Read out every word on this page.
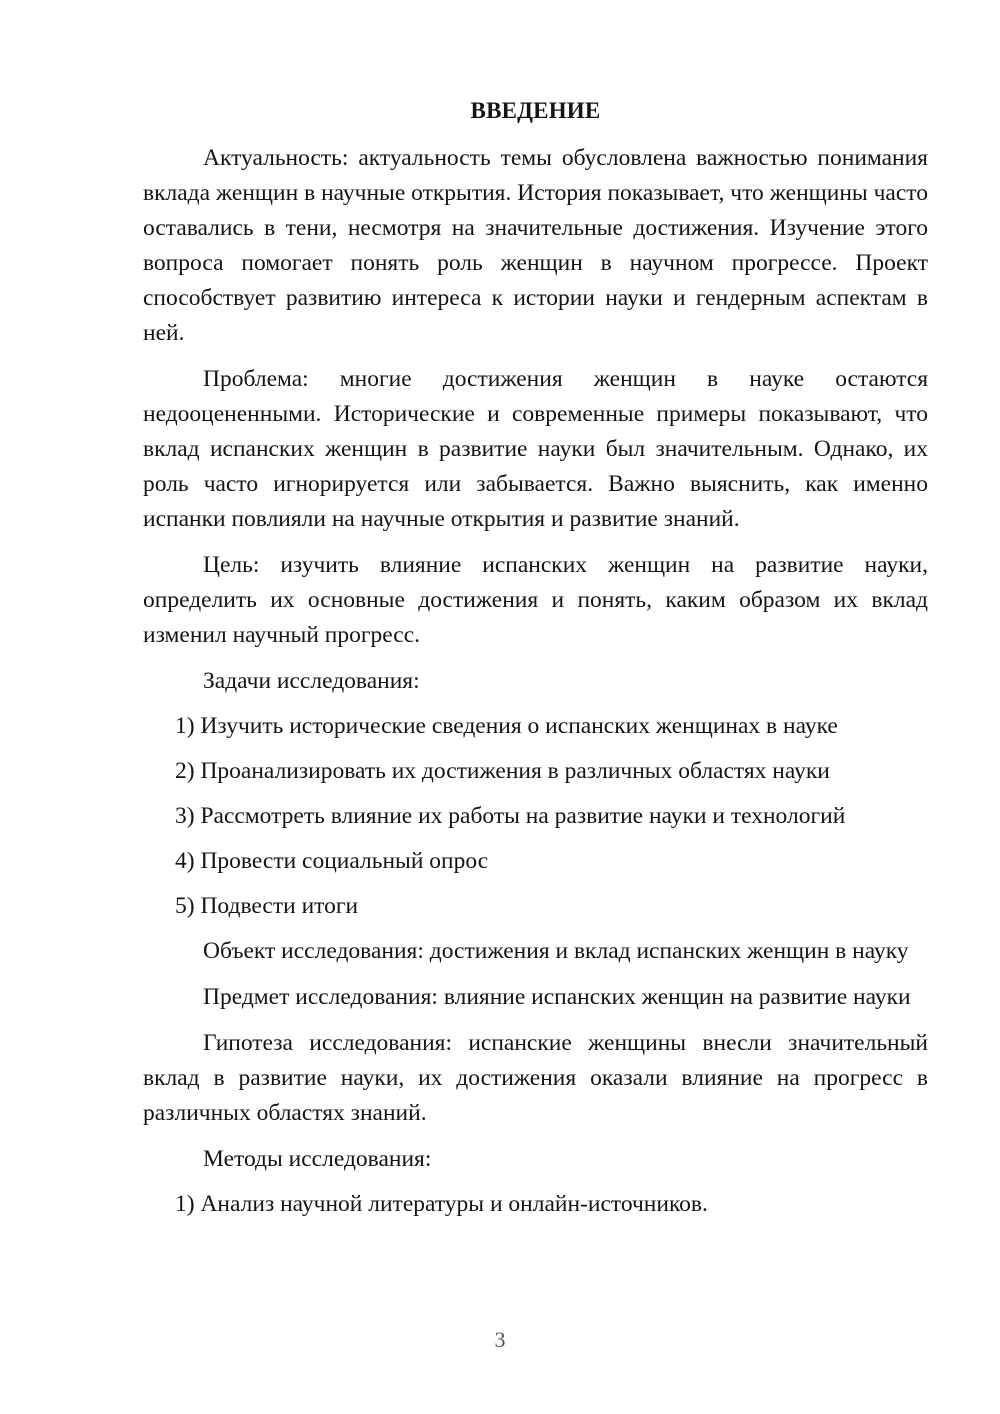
ВВЕДЕНИЕ

Актуальность: актуальность темы обусловлена важностью понимания вклада женщин в научные открытия. История показывает, что женщины часто оставались в тени, несмотря на значительные достижения. Изучение этого вопроса помогает понять роль женщин в научном прогрессе. Проект способствует развитию интереса к истории науки и гендерным аспектам в ней.

Проблема: многие достижения женщин в науке остаются недооцененными. Исторические и современные примеры показывают, что вклад испанских женщин в развитие науки был значительным. Однако, их роль часто игнорируется или забывается. Важно выяснить, как именно испанки повлияли на научные открытия и развитие знаний.

Цель: изучить влияние испанских женщин на развитие науки, определить их основные достижения и понять, каким образом их вклад изменил научный прогресс.

Задачи исследования:

1) Изучить исторические сведения о испанских женщинах в науке

2) Проанализировать их достижения в различных областях науки

3) Рассмотреть влияние их работы на развитие науки и технологий

4) Провести социальный опрос

5) Подвести итоги

Объект исследования: достижения и вклад испанских женщин в науку

Предмет исследования: влияние испанских женщин на развитие науки

Гипотеза исследования: испанские женщины внесли значительный вклад в развитие науки, их достижения оказали влияние на прогресс в различных областях знаний.

Методы исследования:

1) Анализ научной литературы и онлайн-источников.

3
